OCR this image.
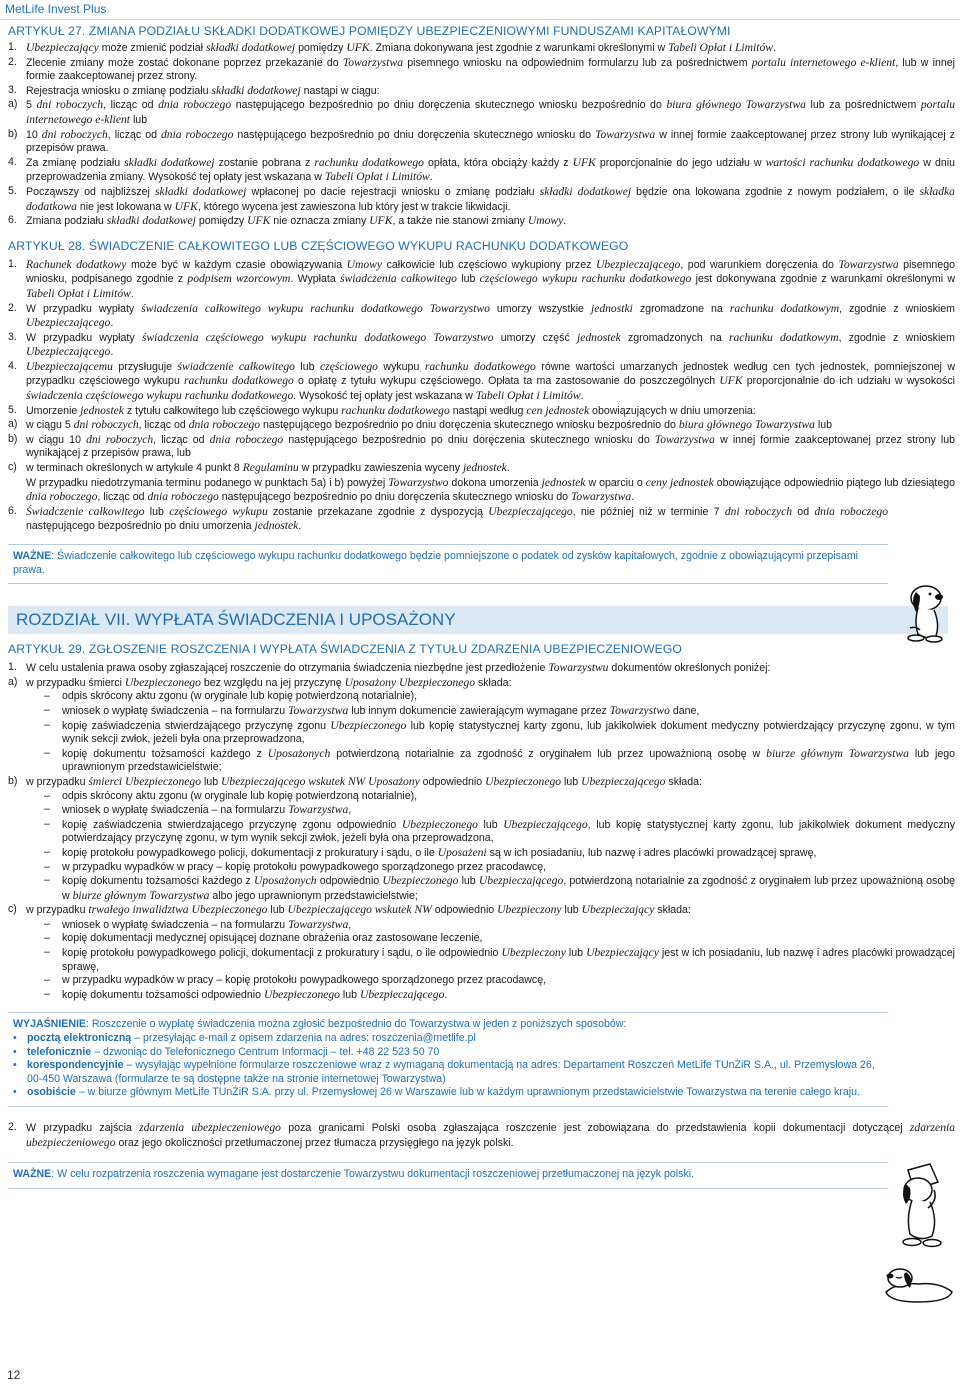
MetLife Invest Plus
ARTYKUŁ 27. ZMIANA PODZIAŁU SKŁADKI DODATKOWEJ POMIĘDZY UBEZPIECZENIOWYMI FUNDUSZAMI KAPITAŁOWYMI
1. Ubezpieczający może zmienić podział składki dodatkowej pomiędzy UFK. Zmiana dokonywana jest zgodnie z warunkami określonymi w Tabeli Opłat i Limitów.
2. Zlecenie zmiany może zostać dokonane poprzez przekazanie do Towarzystwa pisemnego wniosku na odpowiednim formularzu lub za pośrednictwem portalu internetowego e-klient, lub w innej formie zaakceptowanej przez strony.
3. Rejestracja wniosku o zmianę podziału składki dodatkowej nastąpi w ciągu:
a) 5 dni roboczych, licząc od dnia roboczego następującego bezpośrednio po dniu doręczenia skutecznego wniosku bezpośrednio do biura głównego Towarzystwa lub za pośrednictwem portalu internetowego e-klient lub
b) 10 dni roboczych, licząc od dnia roboczego następującego bezpośrednio po dniu doręczenia skutecznego wniosku do Towarzystwa w innej formie zaakceptowanej przez strony lub wynikającej z przepisów prawa.
4. Za zmianę podziału składki dodatkowej zostanie pobrana z rachunku dodatkowego opłata, która obciąży każdy z UFK proporcjonalnie do jego udziału w wartości rachunku dodatkowego w dniu przeprowadzenia zmiany. Wysokość tej opłaty jest wskazana w Tabeli Opłat i Limitów.
5. Począwszy od najbliższej składki dodatkowej wpłaconej po dacie rejestracji wniosku o zmianę podziału składki dodatkowej będzie ona lokowana zgodnie z nowym podziałem, o ile składka dodatkowa nie jest lokowana w UFK, którego wycena jest zawieszona lub który jest w trakcie likwidacji.
6. Zmiana podziału składki dodatkowej pomiędzy UFK nie oznacza zmiany UFK, a także nie stanowi zmiany Umowy.
ARTYKUŁ 28. ŚWIADCZENIE CAŁKOWITEGO LUB CZĘŚCIOWEGO WYKUPU RACHUNKU DODATKOWEGO
1. Rachunek dodatkowy może być w każdym czasie obowiązywania Umowy całkowicie lub częściowo wykupiony przez Ubezpieczającego, pod warunkiem doręczenia do Towarzystwa pisemnego wniosku, podpisanego zgodnie z podpisem wzorcowym. Wypłata świadczenia całkowitego lub częściowego wykupu rachunku dodatkowego jest dokonywana zgodnie z warunkami określonymi w Tabeli Opłat i Limitów.
2. W przypadku wypłaty świadczenia całkowitego wykupu rachunku dodatkowego Towarzystwo umorzy wszystkie jednostki zgromadzone na rachunku dodatkowym, zgodnie z wnioskiem Ubezpieczającego.
3. W przypadku wypłaty świadczenia częściowego wykupu rachunku dodatkowego Towarzystwo umorzy część jednostek zgromadzonych na rachunku dodatkowym, zgodnie z wnioskiem Ubezpieczającego.
4. Ubezpieczającemu przysługuje świadczenie całkowitego lub częściowego wykupu rachunku dodatkowego równe wartości umarzanych jednostek według cen tych jednostek, pomniejszonej w przypadku częściowego wykupu rachunku dodatkowego o opłatę z tytułu wykupu częściowego. Opłata ta ma zastosowanie do poszczególnych UFK proporcjonalnie do ich udziału w wysokości świadczenia częściowego wykupu rachunku dodatkowego. Wysokość tej opłaty jest wskazana w Tabeli Opłat i Limitów.
5. Umorzenie jednostek z tytułu całkowitego lub częściowego wykupu rachunku dodatkowego nastąpi według cen jednostek obowiązujących w dniu umorzenia:
a) w ciągu 5 dni roboczych, licząc od dnia roboczego następującego bezpośrednio po dniu doręczenia skutecznego wniosku bezpośrednio do biura głównego Towarzystwa lub
b) w ciągu 10 dni roboczych, licząc od dnia roboczego następującego bezpośrednio po dniu doręczenia skutecznego wniosku do Towarzystwa w innej formie zaakceptowanej przez strony lub wynikającej z przepisów prawa, lub
c) w terminach określonych w artykule 4 punkt 8 Regulaminu w przypadku zawieszenia wyceny jednostek.
W przypadku niedotrzymania terminu podanego w punktach 5a) i b) powyżej Towarzystwo dokona umorzenia jednostek w oparciu o ceny jednostek obowiązujące odpowiednio piątego lub dziesiątego dnia roboczego, licząc od dnia roboczego następującego bezpośrednio po dniu doręczenia skutecznego wniosku do Towarzystwa.
6. Świadczenie całkowitego lub częściowego wykupu zostanie przekazane zgodnie z dyspozycją Ubezpieczającego, nie później niż w terminie 7 dni roboczych od dnia roboczego następującego bezpośrednio po dniu umorzenia jednostek.
WAŻNE: Świadczenie całkowitego lub częściowego wykupu rachunku dodatkowego będzie pomniejszone o podatek od zysków kapitałowych, zgodnie z obowiązującymi przepisami prawa.
ROZDZIAŁ VII. WYPŁATA ŚWIADCZENIA I UPOSAŻONY
ARTYKUŁ 29. ZGŁOSZENIE ROSZCZENIA I WYPŁATA ŚWIADCZENIA Z TYTUŁU ZDARZENIA UBEZPIECZENIOWEGO
1. W celu ustalenia prawa osoby zgłaszającej roszczenie do otrzymania świadczenia niezbędne jest przedłożenie Towarzystwu dokumentów określonych poniżej:
a) w przypadku śmierci Ubezpieczonego bez względu na jej przyczynę Uposażony Ubezpieczonego składa:
–	odpis skrócony aktu zgonu (w oryginale lub kopię potwierdzoną notarialnie),
–	wniosek o wypłatę świadczenia – na formularzu Towarzystwa lub innym dokumencie zawierającym wymagane przez Towarzystwo dane,
–	kopię zaświadczenia stwierdzającego przyczynę zgonu Ubezpieczonego lub kopię statystycznej karty zgonu, lub jakikolwiek dokument medyczny potwierdzający przyczynę zgonu, w tym wynik sekcji zwłok, jeżeli była ona przeprowadzona,
–	kopię dokumentu tożsamości każdego z Uposażonych potwierdzoną notarialnie za zgodność z oryginałem lub przez upoważnioną osobę w biurze głównym Towarzystwa lub jego uprawnionym przedstawicielstwie;
b) w przypadku śmierci Ubezpieczonego lub Ubezpieczającego wskutek NW Uposażony odpowiednio Ubezpieczonego lub Ubezpieczającego składa:
–	odpis skrócony aktu zgonu (w oryginale lub kopię potwierdzoną notarialnie),
–	wniosek o wypłatę świadczenia – na formularzu Towarzystwa,
–	kopię zaświadczenia stwierdzającego przyczynę zgonu odpowiednio Ubezpieczonego lub Ubezpieczającego, lub kopię statystycznej karty zgonu, lub jakikolwiek dokument medyczny potwierdzający przyczynę zgonu, w tym wynik sekcji zwłok, jeżeli była ona przeprowadzona,
–	kopię protokołu powypadkowego policji, dokumentacji z prokuratury i sądu, o ile Uposażeni są w ich posiadaniu, lub nazwę i adres placówki prowadzącej sprawę,
–	w przypadku wypadków w pracy – kopię protokołu powypadkowego sporządzonego przez pracodawcę,
–	kopię dokumentu tożsamości każdego z Uposażonych odpowiednio Ubezpieczonego lub Ubezpieczającego, potwierdzoną notarialnie za zgodność z oryginałem lub przez upoważnioną osobę w biurze głównym Towarzystwa albo jego uprawnionym przedstawicielstwie;
c) w przypadku trwałego inwalidztwa Ubezpieczonego lub Ubezpieczającego wskutek NW odpowiednio Ubezpieczony lub Ubezpieczający składa:
–	wniosek o wypłatę świadczenia – na formularzu Towarzystwa,
–	kopię dokumentacji medycznej opisującej doznane obrażenia oraz zastosowane leczenie,
–	kopię protokołu powypadkowego policji, dokumentacji z prokuratury i sądu, o ile odpowiednio Ubezpieczony lub Ubezpieczający jest w ich posiadaniu, lub nazwę i adres placówki prowadzącej sprawę,
–	w przypadku wypadków w pracy – kopię protokołu powypadkowego sporządzonego przez pracodawcę,
–	kopię dokumentu tożsamości odpowiednio Ubezpieczonego lub Ubezpieczającego.
WYJAŚNIENIE: Roszczenie o wypłatę świadczenia można zgłosić bezpośrednio do Towarzystwa w jeden z poniższych sposobów:
• pocztą elektroniczną – przesyłając e-mail z opisem zdarzenia na adres: roszczenia@metlife.pl
• telefonicznie – dzwoniąc do Telefonicznego Centrum Informacji – tel. +48 22 523 50 70
• korespondencyjnie – wysyłając wypełnione formularze roszczeniowe wraz z wymaganą dokumentacją na adres: Departament Roszczeń MetLife TUnŻiR S.A., ul. Przemysłowa 26, 00-450 Warszawa (formularze te są dostępne także na stronie internetowej Towarzystwa)
• osobiście – w biurze głównym MetLife TUnŻiR S.A. przy ul. Przemysłowej 26 w Warszawie lub w każdym uprawnionym przedstawicielstwie Towarzystwa na terenie całego kraju.
2. W przypadku zajścia zdarzenia ubezpieczeniowego poza granicami Polski osoba zgłaszająca roszczenie jest zobowiązana do przedstawienia kopii dokumentacji dotyczącej zdarzenia ubezpieczeniowego oraz jego okoliczności przetłumaczonej przez tłumacza przysięgłego na język polski.
WAŻNE: W celu rozpatrzenia roszczenia wymagane jest dostarczenie Towarzystwu dokumentacji roszczeniowej przetłumaczonej na język polski.
12
